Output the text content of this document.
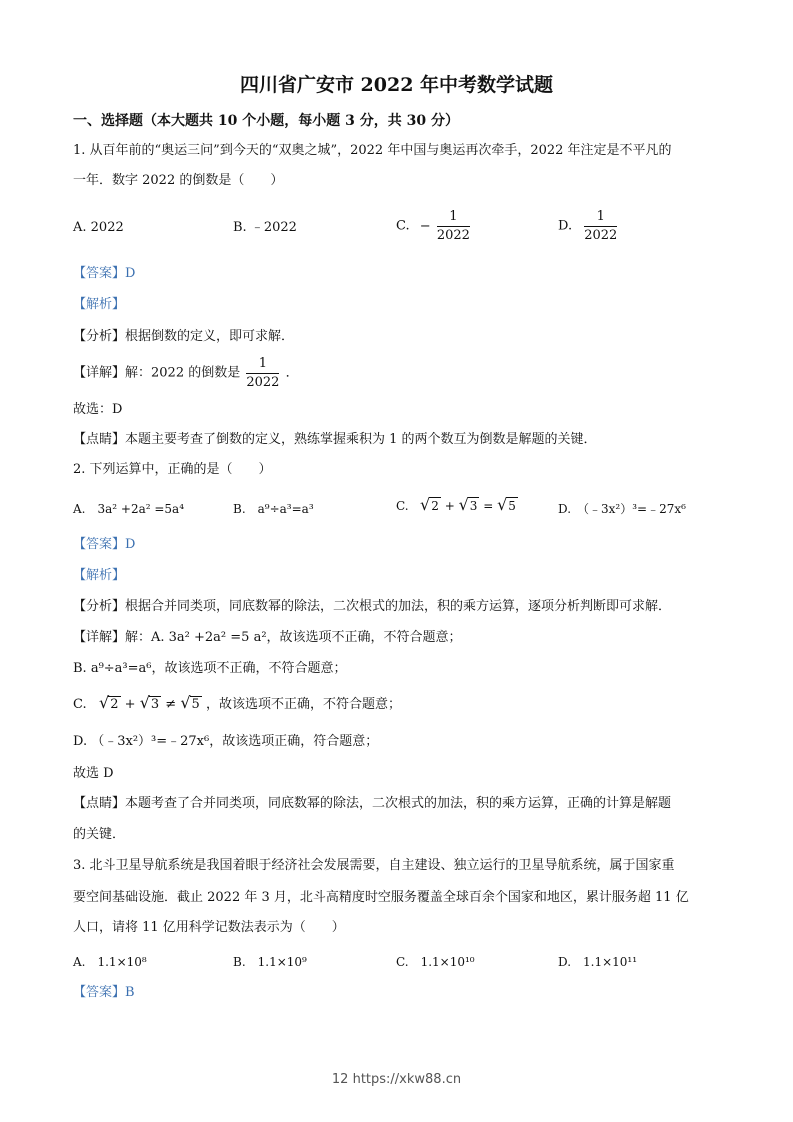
四川省广安市 2022 年中考数学试题
一、选择题（本大题共 10 个小题，每小题 3 分，共 30 分）
1. 从百年前的“奥运三问”到今天的“双奥之城”，2022 年中国与奥运再次牵手，2022 年注定是不平凡的
一年．数字 2022 的倒数是（　　）
A. 2022	B. ﹣2022	C. − $\frac{1}{2022}$	D. $\frac{1}{2022}$
【答案】D
【解析】
【分析】根据倒数的定义，即可求解．
【详解】解：2022 的倒数是 $\frac{1}{2022}$ ．
故选：D
【点睛】本题主要考查了倒数的定义，熟练掌握乘积为 1 的两个数互为倒数是解题的关键．
2. 下列运算中，正确的是（　　）
A.　3a² +2a² =5a⁴	B.　a⁹÷a³=a³	C. √2 + √3 = √5	D.　（﹣3x²）³=﹣27x⁶
【答案】D
【解析】
【分析】根据合并同类项，同底数幂的除法，二次根式的加法，积的乘方运算，逐项分析判断即可求解．
【详解】解：A. 3a² +2a² =5 a²，故该选项不正确，不符合题意；
B. a⁹÷a³=a⁶，故该选项不正确，不符合题意；
C. √2 + √3 ≠ √5 ，故该选项不正确，不符合题意；
D. （﹣3x²）³=﹣27x⁶，故该选项正确，符合题意；
故选 D
【点睛】本题考查了合并同类项，同底数幂的除法，二次根式的加法，积的乘方运算，正确的计算是解题
的关键．
3. 北斗卫星导航系统是我国着眼于经济社会发展需要，自主建设、独立运行的卫星导航系统，属于国家重
要空间基础设施．截止 2022 年 3 月，北斗高精度时空服务覆盖全球百余个国家和地区，累计服务超 11 亿
人口，请将 11 亿用科学记数法表示为（　　）
A.　1.1×10⁸	B.　1.1×10⁹	C.　1.1×10¹⁰	D.　1.1×10¹¹
【答案】B
12 https://xkw88.cn
